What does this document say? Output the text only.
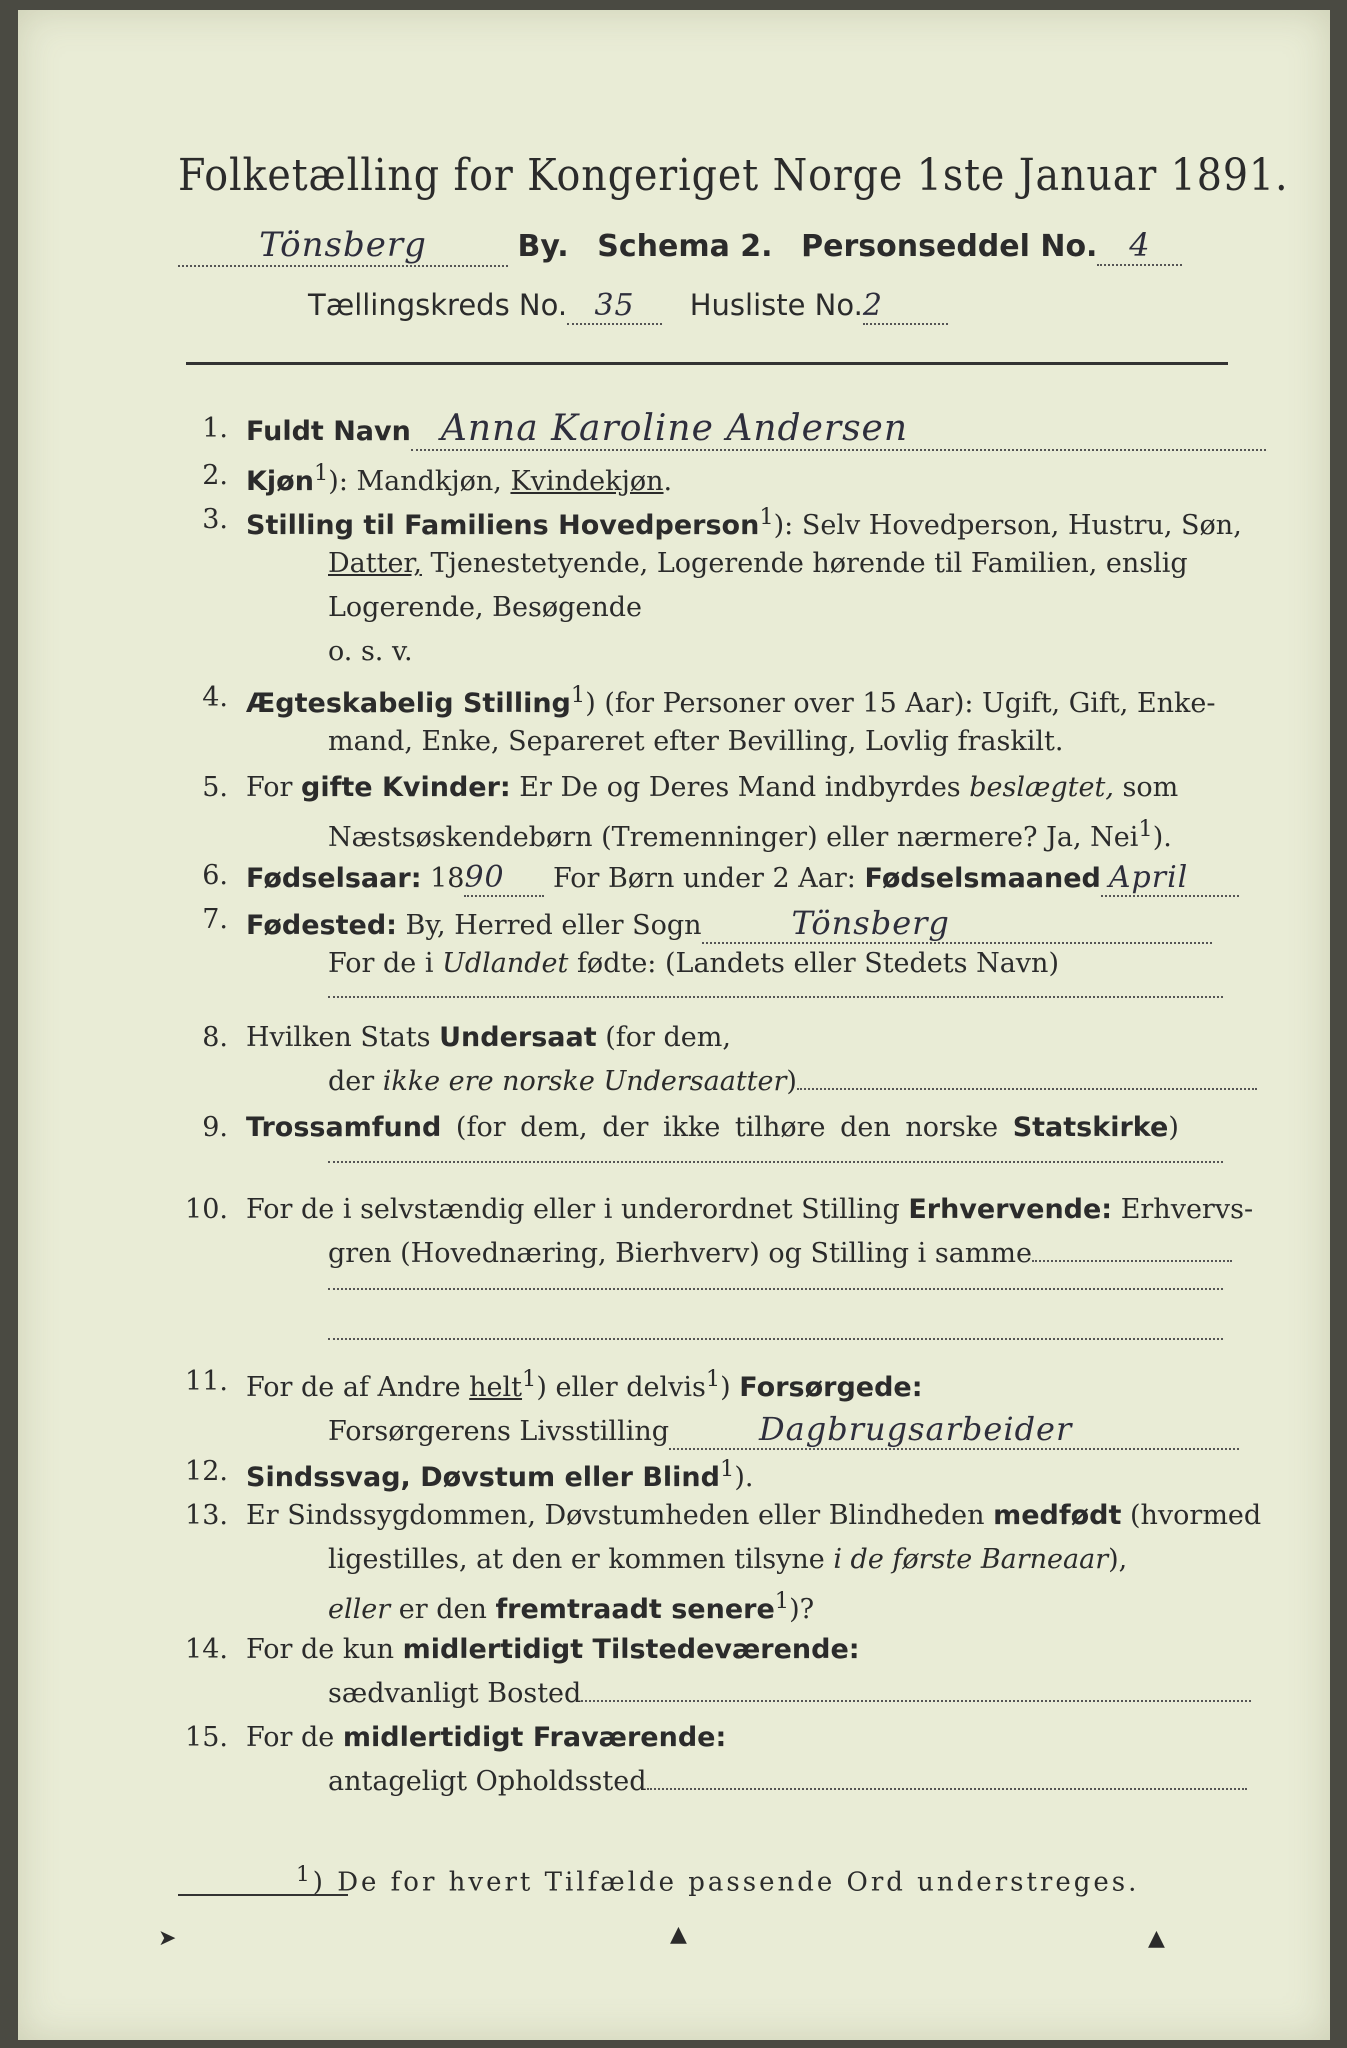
Folketælling for Kongeriget Norge 1ste Januar 1891.
Tönsberg	By. Schema 2. Personseddel No. 4
Tællingskreds No. 35 Husliste No.2
1. Fuldt Navn Anna Karoline Andersen
2. Kjøn$^1$): Mandkjøn, Kvindekjøn.
3. Stilling til Familiens Hovedperson$^1$): Selv Hovedperson, Hustru, Søn,
Datter, Tjenestetyende, Logerende hørende til Familien, enslig
Logerende, Besøgende
o. s. v.
4. Ægteskabelig Stilling$^1$) (for Personer over 15 Aar): Ugift, Gift, Enke-
mand, Enke, Separeret efter Bevilling, Lovlig fraskilt.
5. For gifte Kvinder: Er De og Deres Mand indbyrdes beslægtet, som
Næstsøskendebørn (Tremenninger) eller nærmere? Ja, Nei$^1$).
6. Fødselsaar: 1890 For Børn under 2 Aar: Fødselsmaaned April
7. Fødested: By, Herred eller Sogn	Tönsberg
For de i Udlandet fødte: (Landets eller Stedets Navn)
8. Hvilken Stats Undersaat (for dem,
der ikke ere norske Undersaatter)
9. Trossamfund (for dem, der ikke tilhøre den norske Statskirke)
10. For de i selvstændig eller i underordnet Stilling Erhvervende: Erhvervs-
gren (Hovednæring, Bierhverv) og Stilling i samme
11. For de af Andre helt$^1$) eller delvis$^1$) Forsørgede:
Forsørgerens Livsstilling	Dagbrugsarbeider
12. Sindssvag, Døvstum eller Blind$^1$).
13. Er Sindssygdommen, Døvstumheden eller Blindheden medfødt (hvormed
ligestilles, at den er kommen tilsyne i de første Barneaar),
eller er den fremtraadt senere$^1$)?
14. For de kun midlertidigt Tilstedeværende:
sædvanligt Bosted
15. For de midlertidigt Fraværende:
antageligt Opholdssted
$^1$) De for hvert Tilfælde passende Ord understreges.
➤	▲	▲
